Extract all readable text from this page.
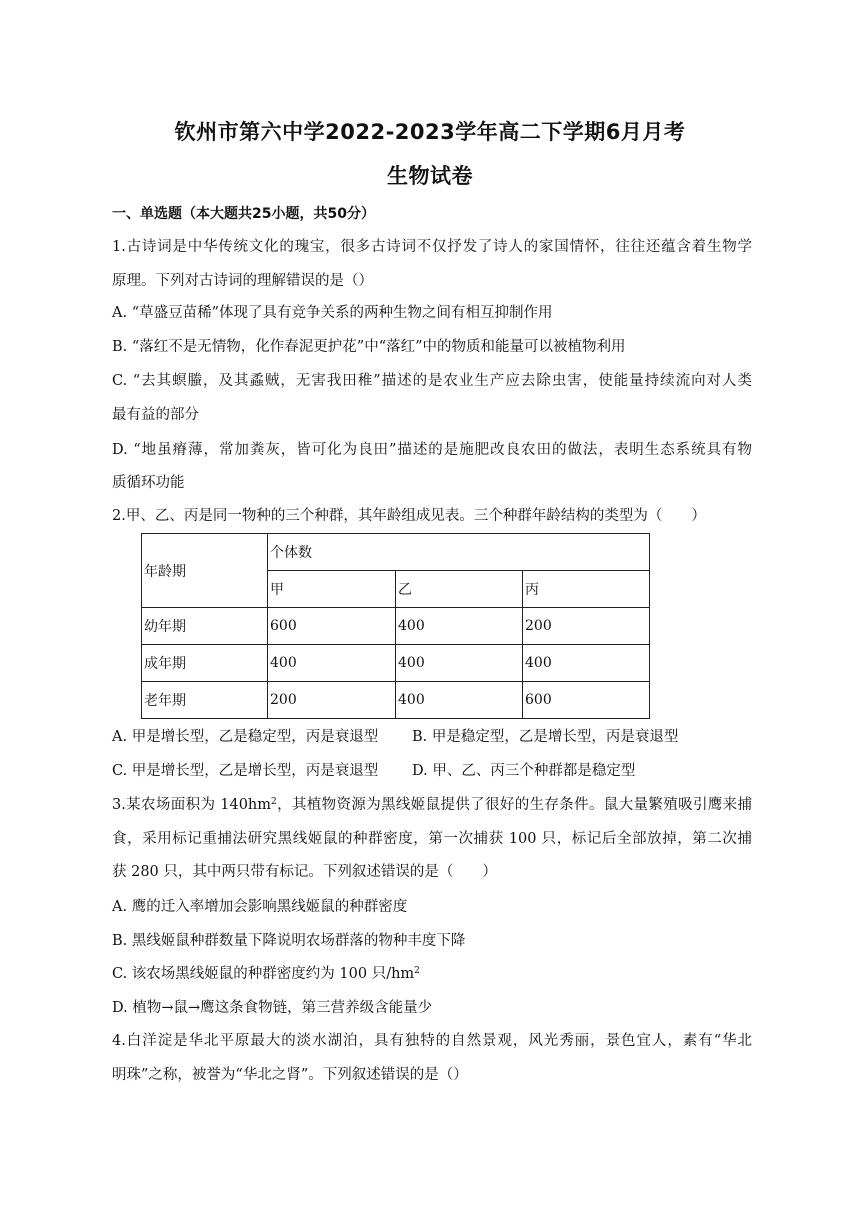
钦州市第六中学2022-2023学年高二下学期6月月考
生物试卷
一、单选题（本大题共25小题，共50分）
1.古诗词是中华传统文化的瑰宝，很多古诗词不仅抒发了诗人的家国情怀，往往还蕴含着生物学
原理。下列对古诗词的理解错误的是（）
A. “草盛豆苗稀”体现了具有竞争关系的两种生物之间有相互抑制作用
B. “落红不是无情物，化作春泥更护花”中“落红”中的物质和能量可以被植物利用
C. “去其螟螣，及其蟊贼，无害我田稚”描述的是农业生产应去除虫害，使能量持续流向对人类
最有益的部分
D. “地虽瘠薄，常加粪灰，皆可化为良田”描述的是施肥改良农田的做法，表明生态系统具有物
质循环功能
2.甲、乙、丙是同一物种的三个种群，其年龄组成见表。三个种群年龄结构的类型为（　　）
年龄期	个体数		
	甲	乙	丙
幼年期	600	400	200
成年期	400	400	400
老年期	200	400	600
A. 甲是增长型，乙是稳定型，丙是衰退型 B. 甲是稳定型，乙是增长型，丙是衰退型
C. 甲是增长型，乙是增长型，丙是衰退型 D. 甲、乙、丙三个种群都是稳定型
3.某农场面积为 $140hm^2$，其植物资源为黑线姬鼠提供了很好的生存条件。鼠大量繁殖吸引鹰来捕
食，采用标记重捕法研究黑线姬鼠的种群密度，第一次捕获 100 只，标记后全部放掉，第二次捕
获 280 只，其中两只带有标记。下列叙述错误的是（　　）
A. 鹰的迁入率增加会影响黑线姬鼠的种群密度
B. 黑线姬鼠种群数量下降说明农场群落的物种丰度下降
C. 该农场黑线姬鼠的种群密度约为 100 只$/hm^2$
D. 植物→鼠→鹰这条食物链，第三营养级含能量少
4.白洋淀是华北平原最大的淡水湖泊，具有独特的自然景观，风光秀丽，景色宜人，素有“华北
明珠”之称，被誉为“华北之肾”。下列叙述错误的是（）
